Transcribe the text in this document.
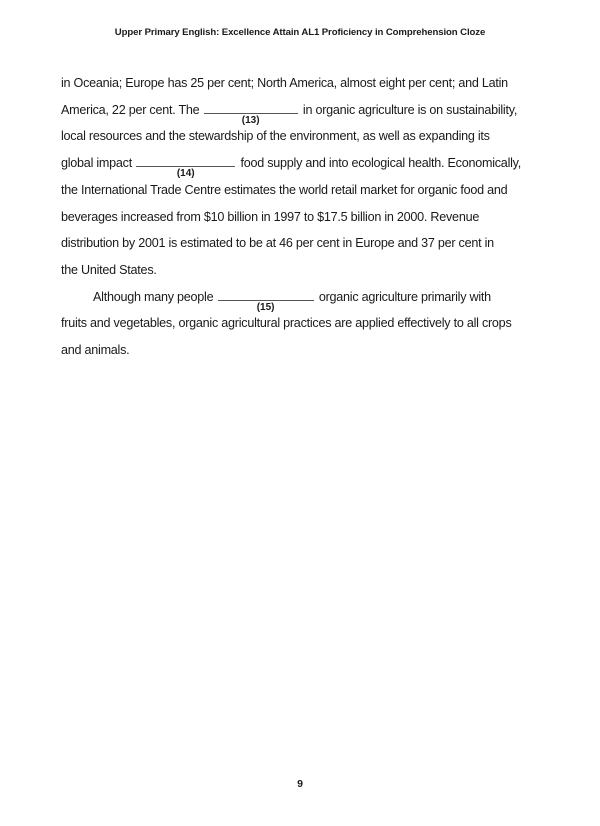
Upper Primary English: Excellence Attain AL1 Proficiency in Comprehension Cloze
in Oceania; Europe has 25 per cent; North America, almost eight per cent; and Latin
America, 22 per cent. The
(13)
in organic agriculture is on sustainability,
local resources and the stewardship of the environment, as well as expanding its
global impact
(14)
food supply and into ecological health. Economically,
the International Trade Centre estimates the world retail market for organic food and
beverages increased from $10 billion in 1997 to $17.5 billion in 2000. Revenue
distribution by 2001 is estimated to be at 46 per cent in Europe and 37 per cent in
the United States.
Although many people
(15)
organic agriculture primarily with
fruits and vegetables, organic agricultural practices are applied effectively to all crops
and animals.
9
